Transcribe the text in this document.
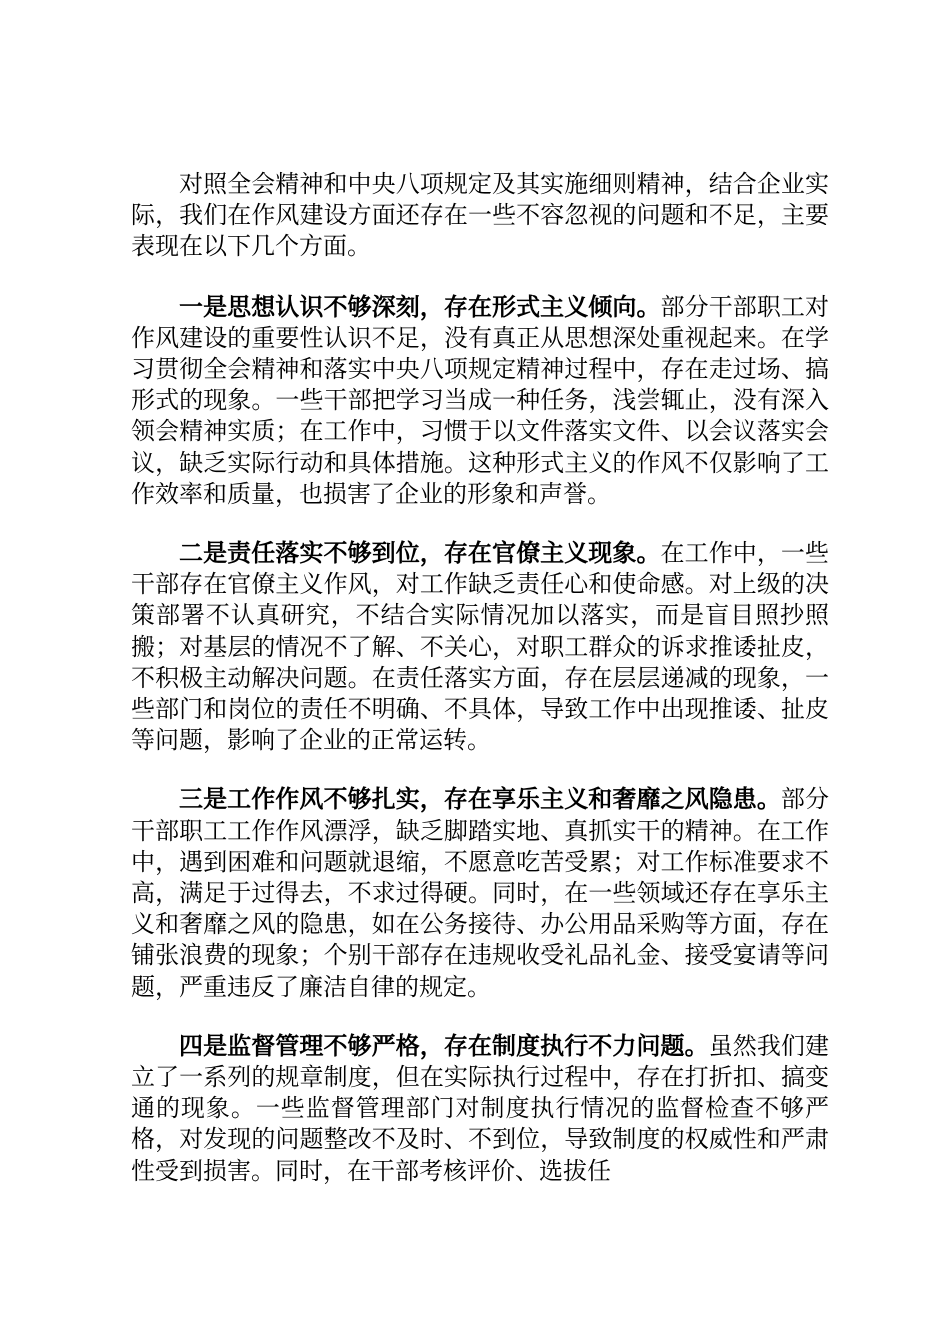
对照全会精神和中央八项规定及其实施细则精神，结合企业实际，我们在作风建设方面还存在一些不容忽视的问题和不足，主要表现在以下几个方面。

一是思想认识不够深刻，存在形式主义倾向。部分干部职工对作风建设的重要性认识不足，没有真正从思想深处重视起来。在学习贯彻全会精神和落实中央八项规定精神过程中，存在走过场、搞形式的现象。一些干部把学习当成一种任务，浅尝辄止，没有深入领会精神实质；在工作中，习惯于以文件落实文件、以会议落实会议，缺乏实际行动和具体措施。这种形式主义的作风不仅影响了工作效率和质量，也损害了企业的形象和声誉。

二是责任落实不够到位，存在官僚主义现象。在工作中，一些干部存在官僚主义作风，对工作缺乏责任心和使命感。对上级的决策部署不认真研究，不结合实际情况加以落实，而是盲目照抄照搬；对基层的情况不了解、不关心，对职工群众的诉求推诿扯皮，不积极主动解决问题。在责任落实方面，存在层层递减的现象，一些部门和岗位的责任不明确、不具体，导致工作中出现推诿、扯皮等问题，影响了企业的正常运转。

三是工作作风不够扎实，存在享乐主义和奢靡之风隐患。部分干部职工工作作风漂浮，缺乏脚踏实地、真抓实干的精神。在工作中，遇到困难和问题就退缩，不愿意吃苦受累；对工作标准要求不高，满足于过得去，不求过得硬。同时，在一些领域还存在享乐主义和奢靡之风的隐患，如在公务接待、办公用品采购等方面，存在铺张浪费的现象；个别干部存在违规收受礼品礼金、接受宴请等问题，严重违反了廉洁自律的规定。

四是监督管理不够严格，存在制度执行不力问题。虽然我们建立了一系列的规章制度，但在实际执行过程中，存在打折扣、搞变通的现象。一些监督管理部门对制度执行情况的监督检查不够严格，对发现的问题整改不及时、不到位，导致制度的权威性和严肃性受到损害。同时，在干部考核评价、选拔任
